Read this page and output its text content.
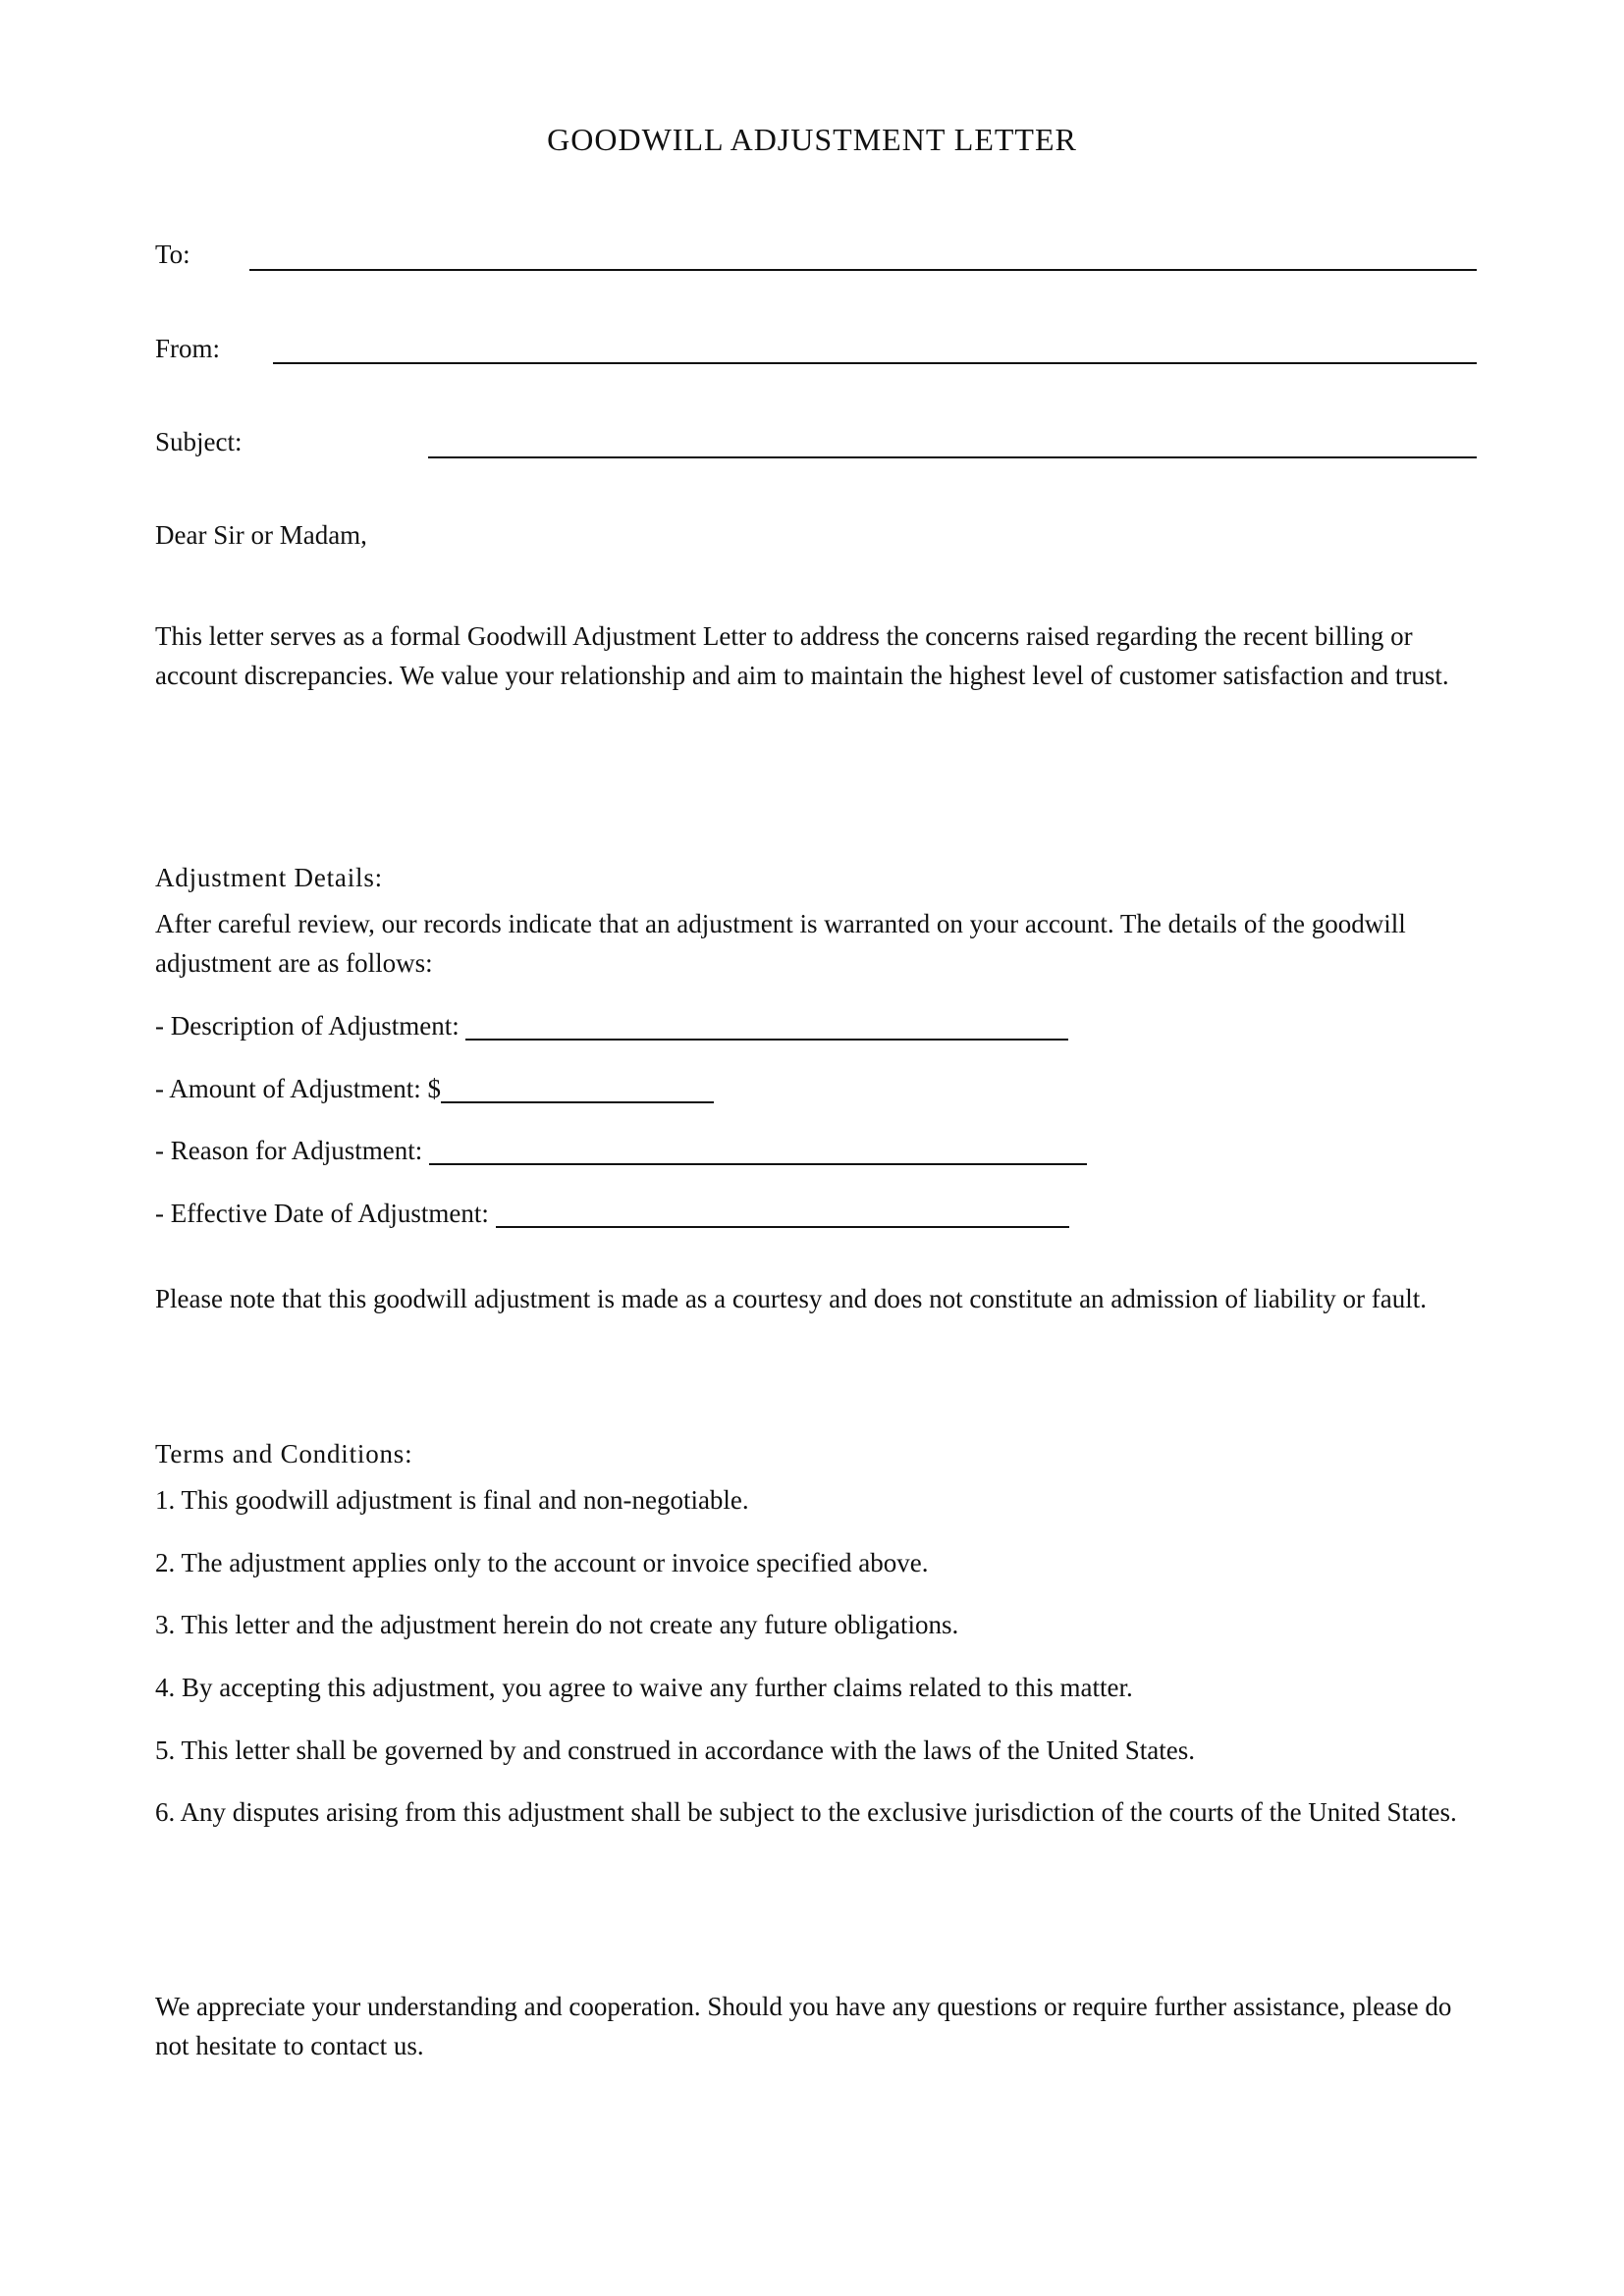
GOODWILL ADJUSTMENT LETTER
To:
From:
Subject:

Dear Sir or Madam,

This letter serves as a formal Goodwill Adjustment Letter to address the concerns raised regarding the recent billing or account discrepancies. We value your relationship and aim to maintain the highest level of customer satisfaction and trust.

Adjustment Details:

After careful review, our records indicate that an adjustment is warranted on your account. The details of the goodwill adjustment are as follows:

- Description of Adjustment:

- Amount of Adjustment: $

- Reason for Adjustment:

- Effective Date of Adjustment:

Please note that this goodwill adjustment is made as a courtesy and does not constitute an admission of liability or fault.

Terms and Conditions:

1. This goodwill adjustment is final and non-negotiable.

2. The adjustment applies only to the account or invoice specified above.

3. This letter and the adjustment herein do not create any future obligations.

4. By accepting this adjustment, you agree to waive any further claims related to this matter.

5. This letter shall be governed by and construed in accordance with the laws of the United States.

6. Any disputes arising from this adjustment shall be subject to the exclusive jurisdiction of the courts of the United States.

We appreciate your understanding and cooperation. Should you have any questions or require further assistance, please do not hesitate to contact us.
